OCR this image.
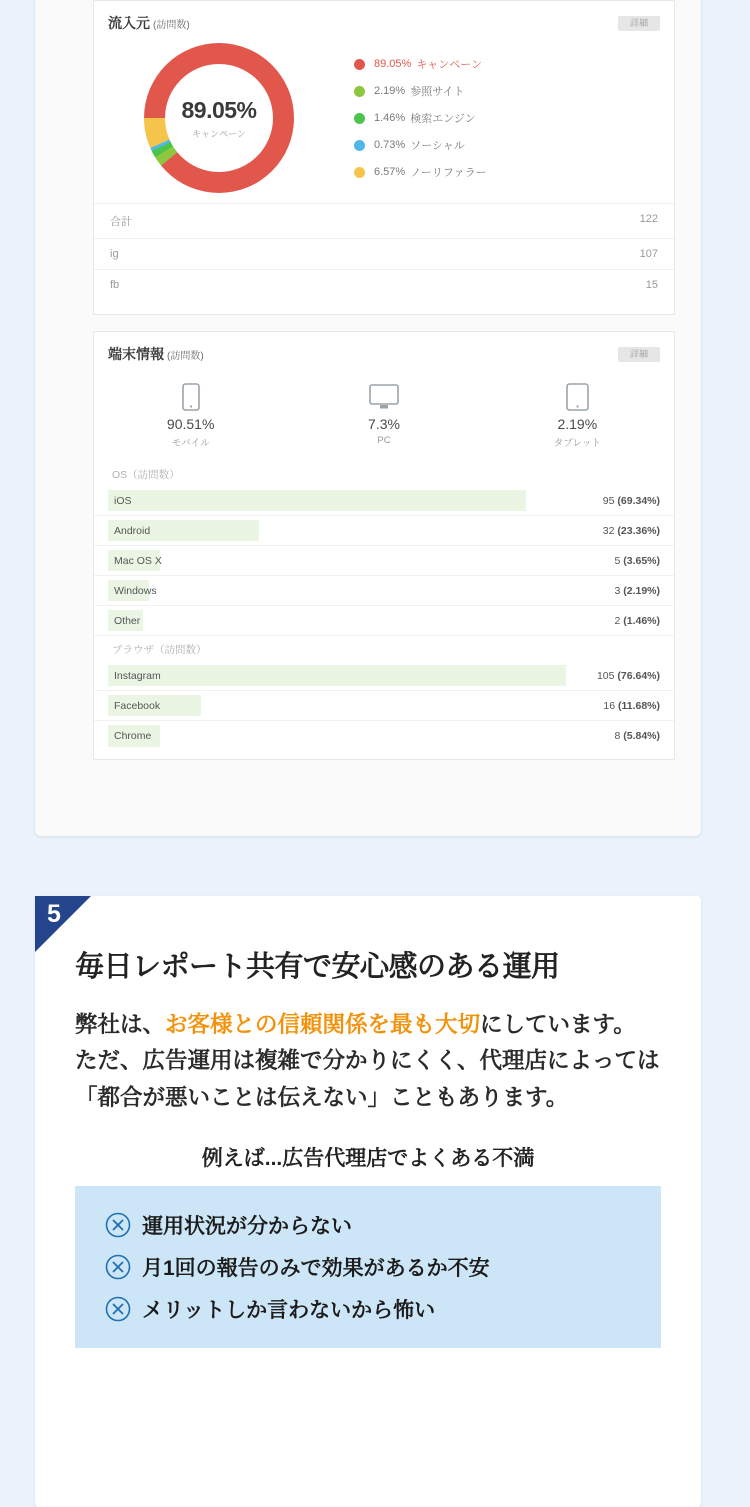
流入元 (訪問数)	詳細
89.05%
キャンペーン
89.05% キャンペーン
2.19% 参照サイト
1.46% 検索エンジン
0.73% ソーシャル
6.57% ノーリファラー
合計	122
ig	107
fb	15
端末情報 (訪問数)	詳細
90.51%
モバイル
7.3%
PC
2.19%
タブレット
OS（訪問数）
iOS	95 (69.34%)
Android	32 (23.36%)
Mac OS X	5 (3.65%)
Windows	3 (2.19%)
Other	2 (1.46%)
ブラウザ（訪問数）
Instagram	105 (76.64%)
Facebook	16 (11.68%)
Chrome	8 (5.84%)
5
毎日レポート共有で安心感のある運用

弊社は、お客様との信頼関係を最も大切にしています。

ただ、広告運用は複雑で分かりにくく、代理店によっては「都合が悪いことは伝えない」こともあります。

例えば...広告代理店でよくある不満
運用状況が分からない
月1回の報告のみで効果があるか不安
メリットしか言わないから怖い
